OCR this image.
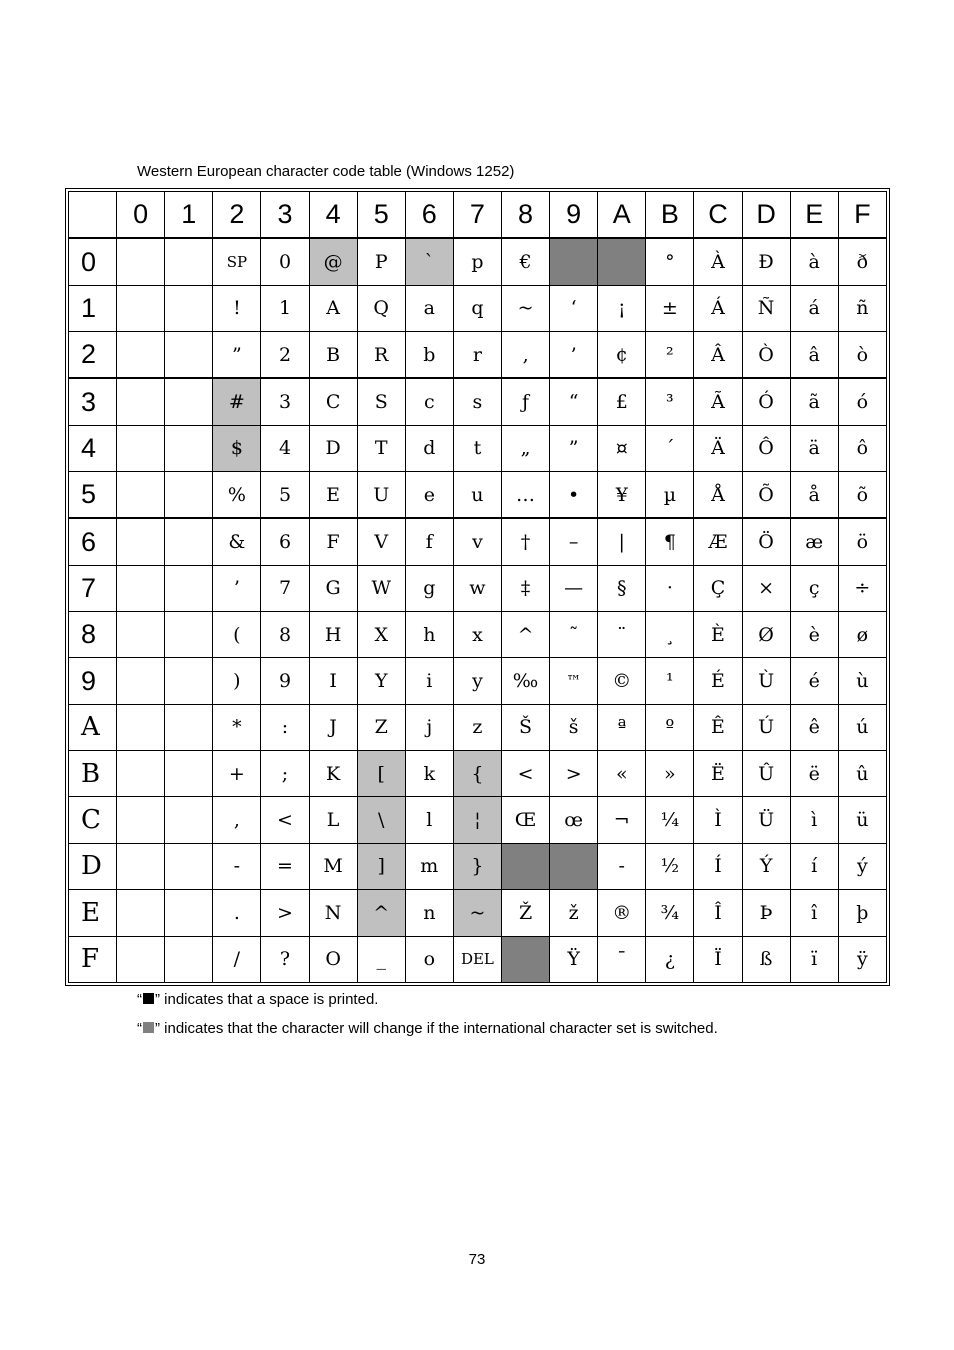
Western European character code table (Windows 1252)
	0	1	2	3	4	5	6	7	8	9	A	B	C	D	E	F
0			SP	0	@	P	`	p	€			°	À	Đ	à	ð
1			!	1	A	Q	a	q	~	‘	¡	±	Á	Ñ	á	ñ
2			”	2	B	R	b	r	‚	’	¢	²	Â	Ò	â	ò
3			#	3	C	S	c	s	ƒ	“	£	³	Ã	Ó	ã	ó
4			$	4	D	T	d	t	„	”	¤	´	Ä	Ô	ä	ô
5			%	5	E	U	e	u	…	•	¥	µ	Å	Õ	å	õ
6			&	6	F	V	f	v	†	–	|	¶	Æ	Ö	æ	ö
7			’	7	G	W	g	w	‡	—	§	·	Ç	×	ç	÷
8			(	8	H	X	h	x	^	˜	¨	¸	È	Ø	è	ø
9			)	9	I	Y	i	y	‰	™	©	¹	É	Ù	é	ù
A			*	:	J	Z	j	z	Š	š	ª	º	Ê	Ú	ê	ú
B			+	;	K	[	k	{	<	>	«	»	Ë	Û	ë	û
C			,	<	L	\	l	¦	Œ	œ	¬	¼	Ì	Ü	ì	ü
D			-	=	M	]	m	}			-	½	Í	Ý	í	ý
E			.	>	N	^	n	~	Ž	ž	®	¾	Î	Þ	î	þ
F			/	?	O	_	o	DEL		Ÿ	¯	¿	Ï	ß	ï	ÿ
“ ” indicates that a space is printed.
“ ” indicates that the character will change if the international character set is switched.
73
